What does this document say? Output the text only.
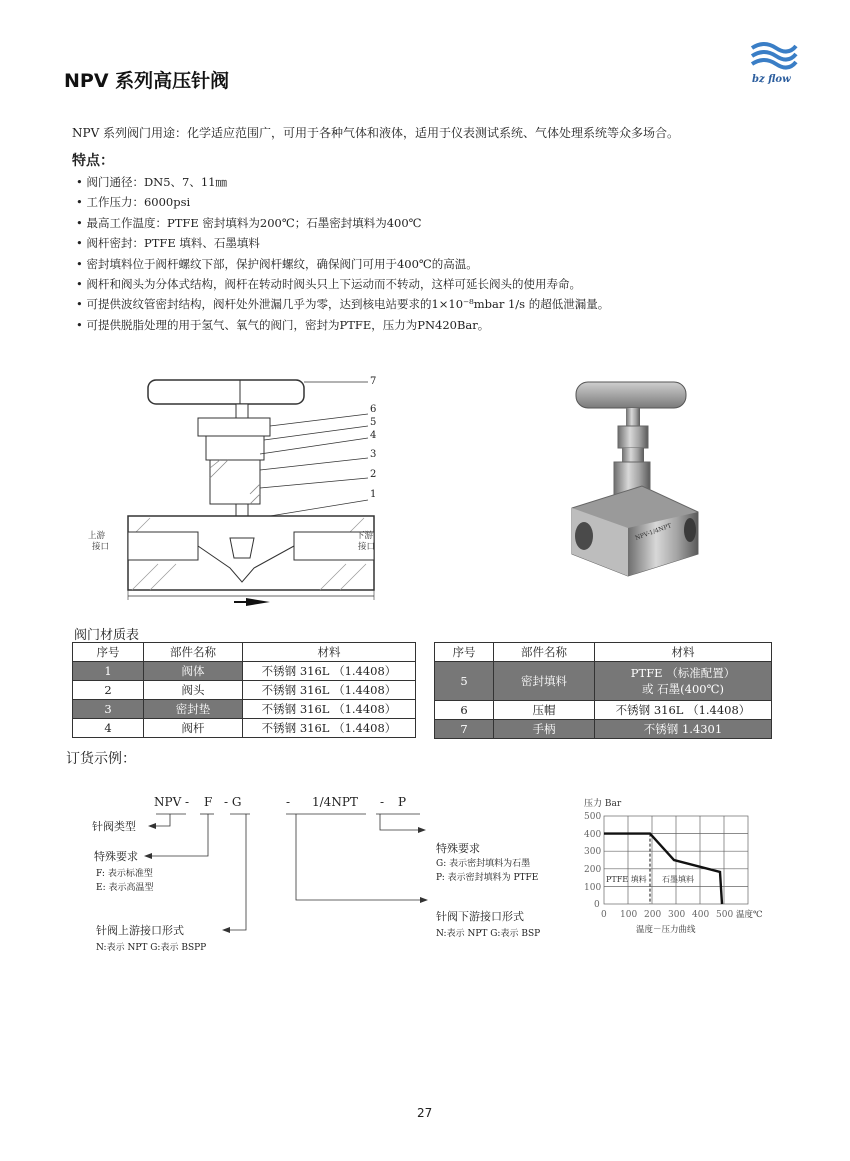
NPV 系列高压针阀	bz flow
NPV 系列阀门用途：化学适应范围广，可用于各种气体和液体，适用于仪表测试系统、气体处理系统等众多场合。
特点：
• 阀门通径：DN5、7、11㎜
• 工作压力：6000psi
• 最高工作温度：PTFE 密封填料为200℃；石墨密封填料为400℃
• 阀杆密封：PTFE 填料、石墨填料
• 密封填料位于阀杆螺纹下部，保护阀杆螺纹，确保阀门可用于400℃的高温。
• 阀杆和阀头为分体式结构，阀杆在转动时阀头只上下运动而不转动，这样可延长阀头的使用寿命。
• 可提供波纹管密封结构，阀杆处外泄漏几乎为零，达到核电站要求的1×10⁻⁸mbar 1/s 的超低泄漏量。
• 可提供脱脂处理的用于氢气、氧气的阀门，密封为PTFE，压力为PN420Bar。
7
6
5
4
3
2
1
上游
接口
下游
接口
NPV-1/4NPT
阀门材质表
序号	部件名称	材料
1	阀体	不锈钢 316L （1.4408）
2	阀头	不锈钢 316L （1.4408）
3	密封垫	不锈钢 316L （1.4408）
4	阀杆	不锈钢 316L （1.4408）
序号	部件名称	材料
5	密封填料	PTFE （标准配置）
或 石墨(400℃)

6	压帽	不锈钢 316L （1.4408）
7	手柄	不锈钢 1.4301
订货示例：
NPV - F - G	- 1/4NPT - P
针阀类型
特殊要求
F: 表示标准型
E: 表示高温型
针阀上游接口形式
N:表示 NPT G:表示 BSPP
特殊要求
G: 表示密封填料为石墨
P: 表示密封填料为 PTFE
针阀下游接口形式
N:表示 NPT G:表示 BSP
压力 Bar
500
400
300
200
100
0
0 100 200 300 400 500 温度℃
PTFE 填料 石墨填料
温度－压力曲线
27
